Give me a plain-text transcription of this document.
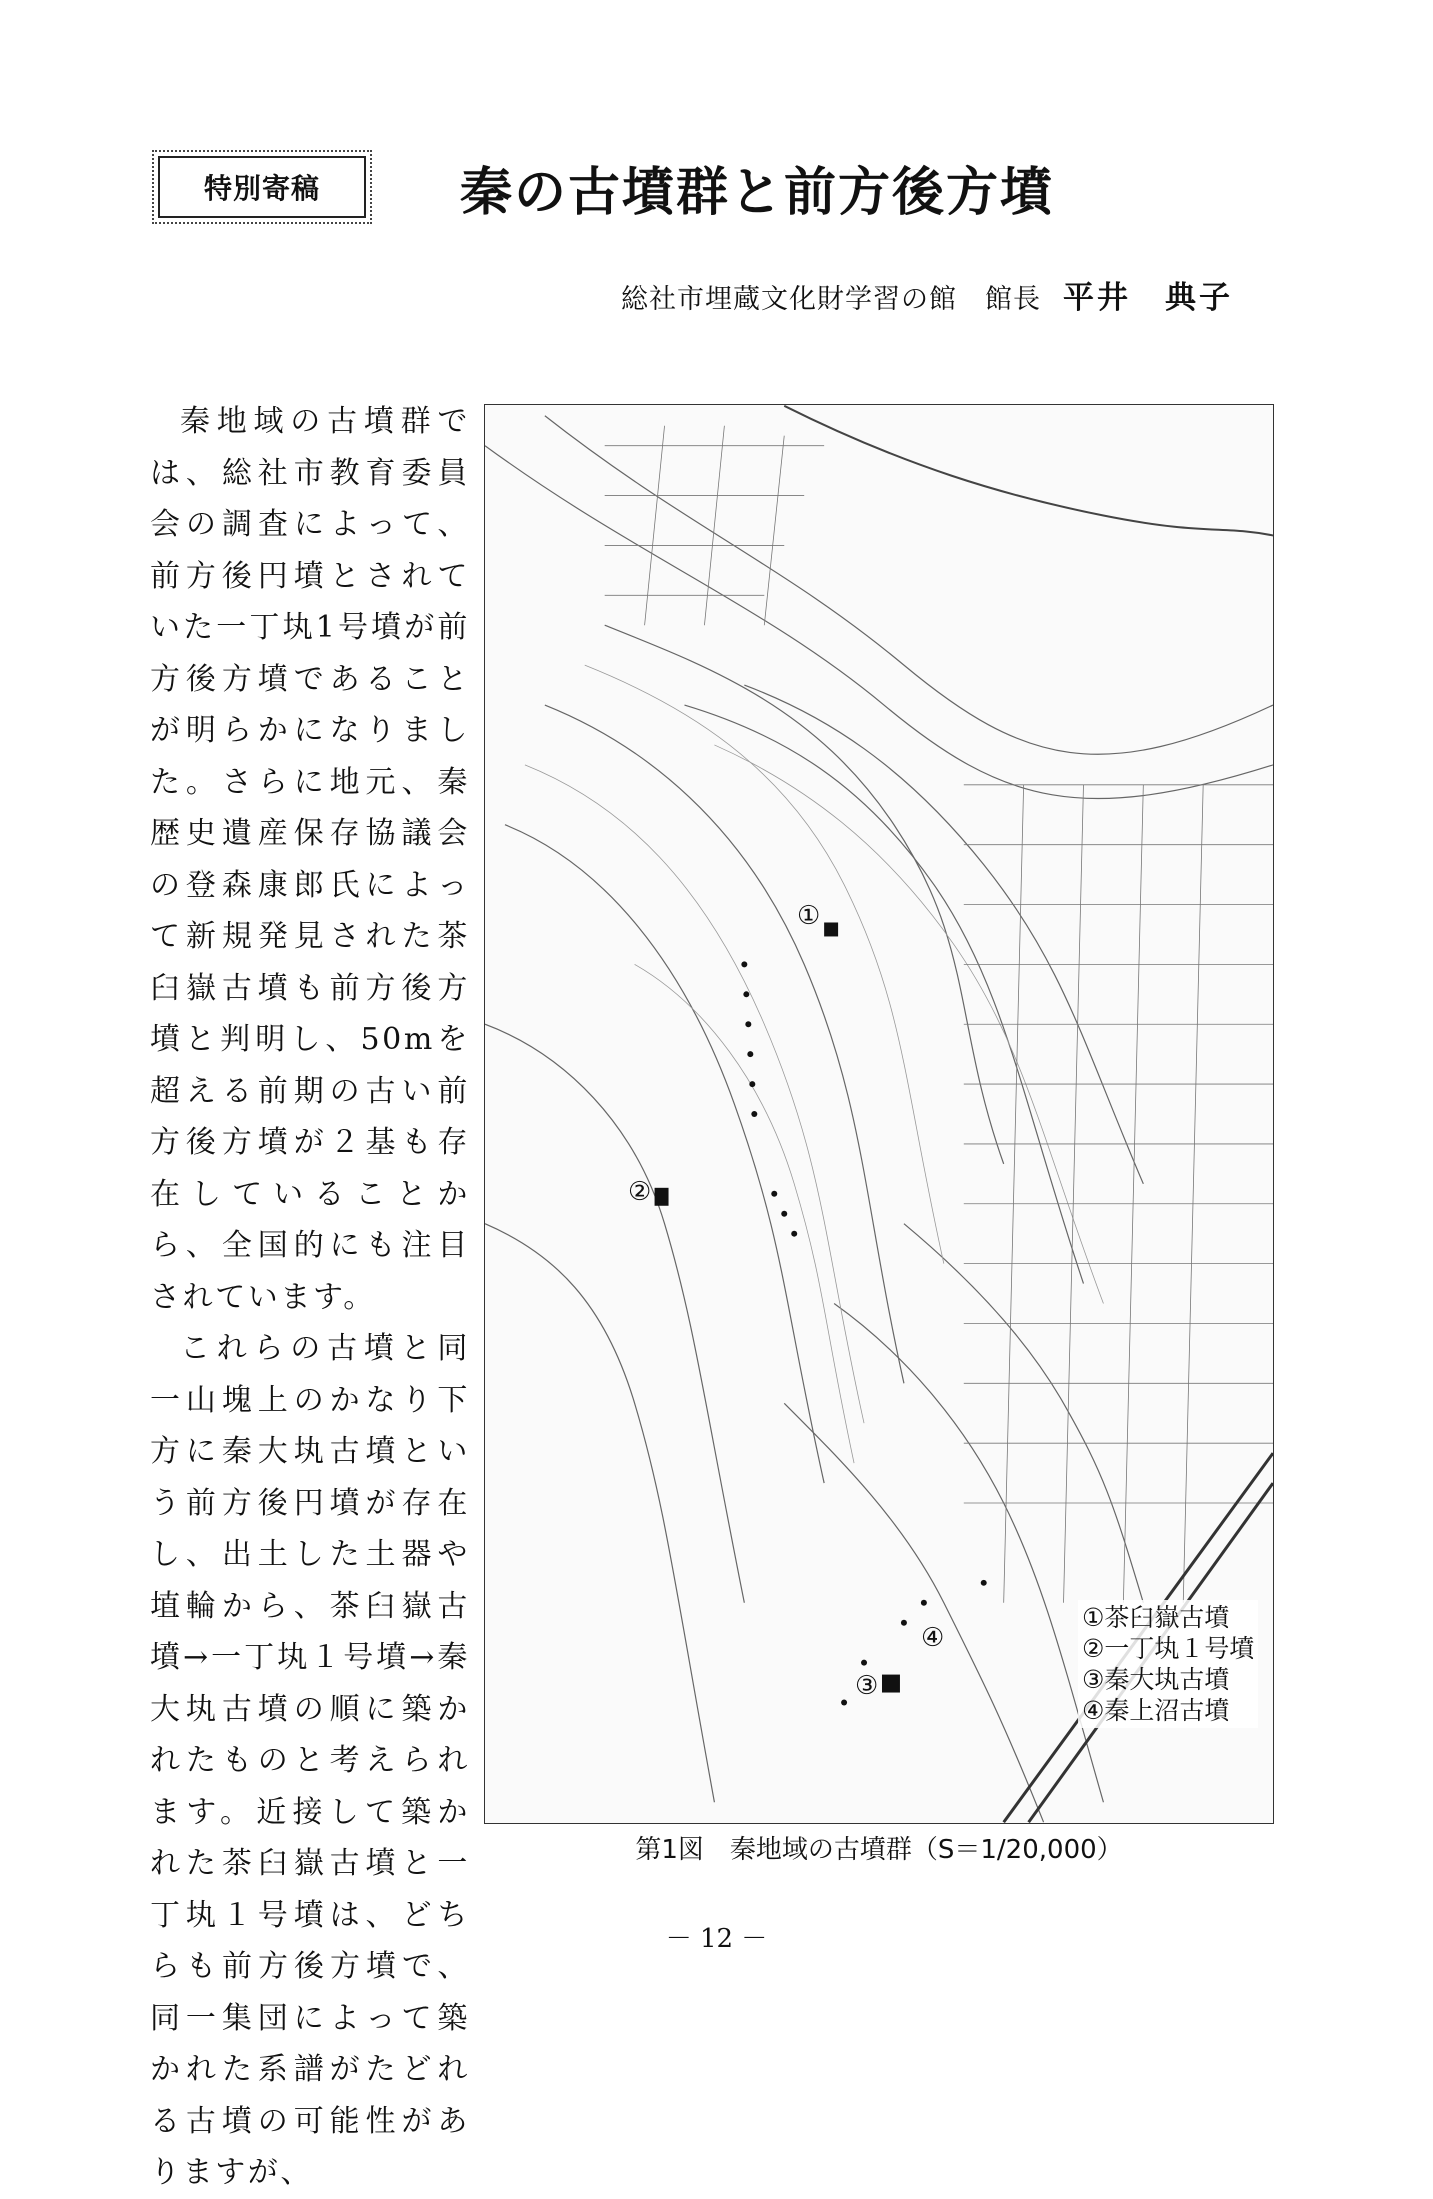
特別寄稿	秦の古墳群と前方後方墳
総社市埋蔵文化財学習の館　館長 平井　典子

秦地域の古墳群では、総社市教育委員会の調査によって、前方後円墳とされていた一丁𡉕1号墳が前方後方墳であることが明らかになりました。さらに地元、秦歴史遺産保存協議会の登森康郎氏によって新規発見された茶臼嶽古墳も前方後方墳と判明し、50mを超える前期の古い前方後方墳が２基も存在していることから、全国的にも注目されています。

これらの古墳と同一山塊上のかなり下方に秦大𡉕古墳という前方後円墳が存在し、出土した土器や埴輪から、茶臼嶽古墳→一丁𡉕１号墳→秦大𡉕古墳の順に築かれたものと考えられます。近接して築かれた茶臼嶽古墳と一丁𡉕１号墳は、どちらも前方後方墳で、同一集団によって築かれた系譜がたどれる古墳の可能性がありますが、

①
②
③
④
①茶臼嶽古墳
②一丁𡉕１号墳
③秦大𡉕古墳
④秦上沼古墳
第1図　秦地域の古墳群（S＝1/20,000）
－ 12 －
